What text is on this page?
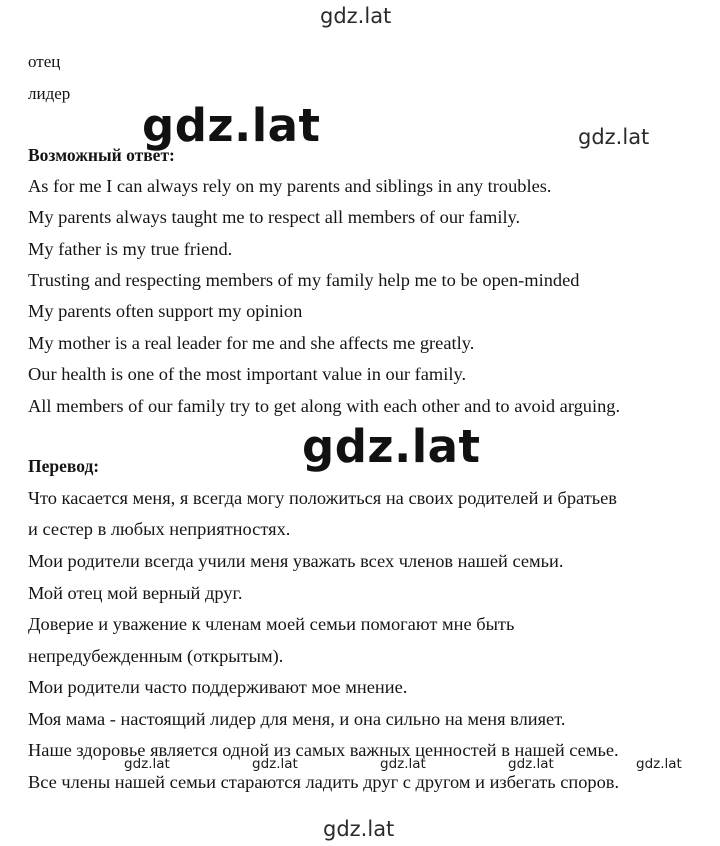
gdz.lat
отец
лидер
gdz.lat	gdz.lat
Возможный ответ:
As for me I can always rely on my parents and siblings in any troubles.
My parents always taught me to respect all members of our family.
My father is my true friend.
Trusting and respecting members of my family help me to be open-minded
My parents often support my opinion
My mother is a real leader for me and she affects me greatly.
Our health is one of the most important value in our family.
All members of our family try to get along with each other and to avoid arguing.
gdz.lat
Перевод:
Что касается меня, я всегда могу положиться на своих родителей и братьев
и сестер в любых неприятностях.
Мои родители всегда учили меня уважать всех членов нашей семьи.
Мой отец мой верный друг.
Доверие и уважение к членам моей семьи помогают мне быть
непредубежденным (открытым).
Мои родители часто поддерживают мое мнение.
Моя мама - настоящий лидер для меня, и она сильно на меня влияет.
Наше здоровье является одной из самых важных ценностей в нашей семье.
gdz.lat	gdz.lat	gdz.lat	gdz.lat	gdz.lat
Все члены нашей семьи стараются ладить друг с другом и избегать споров.
gdz.lat
